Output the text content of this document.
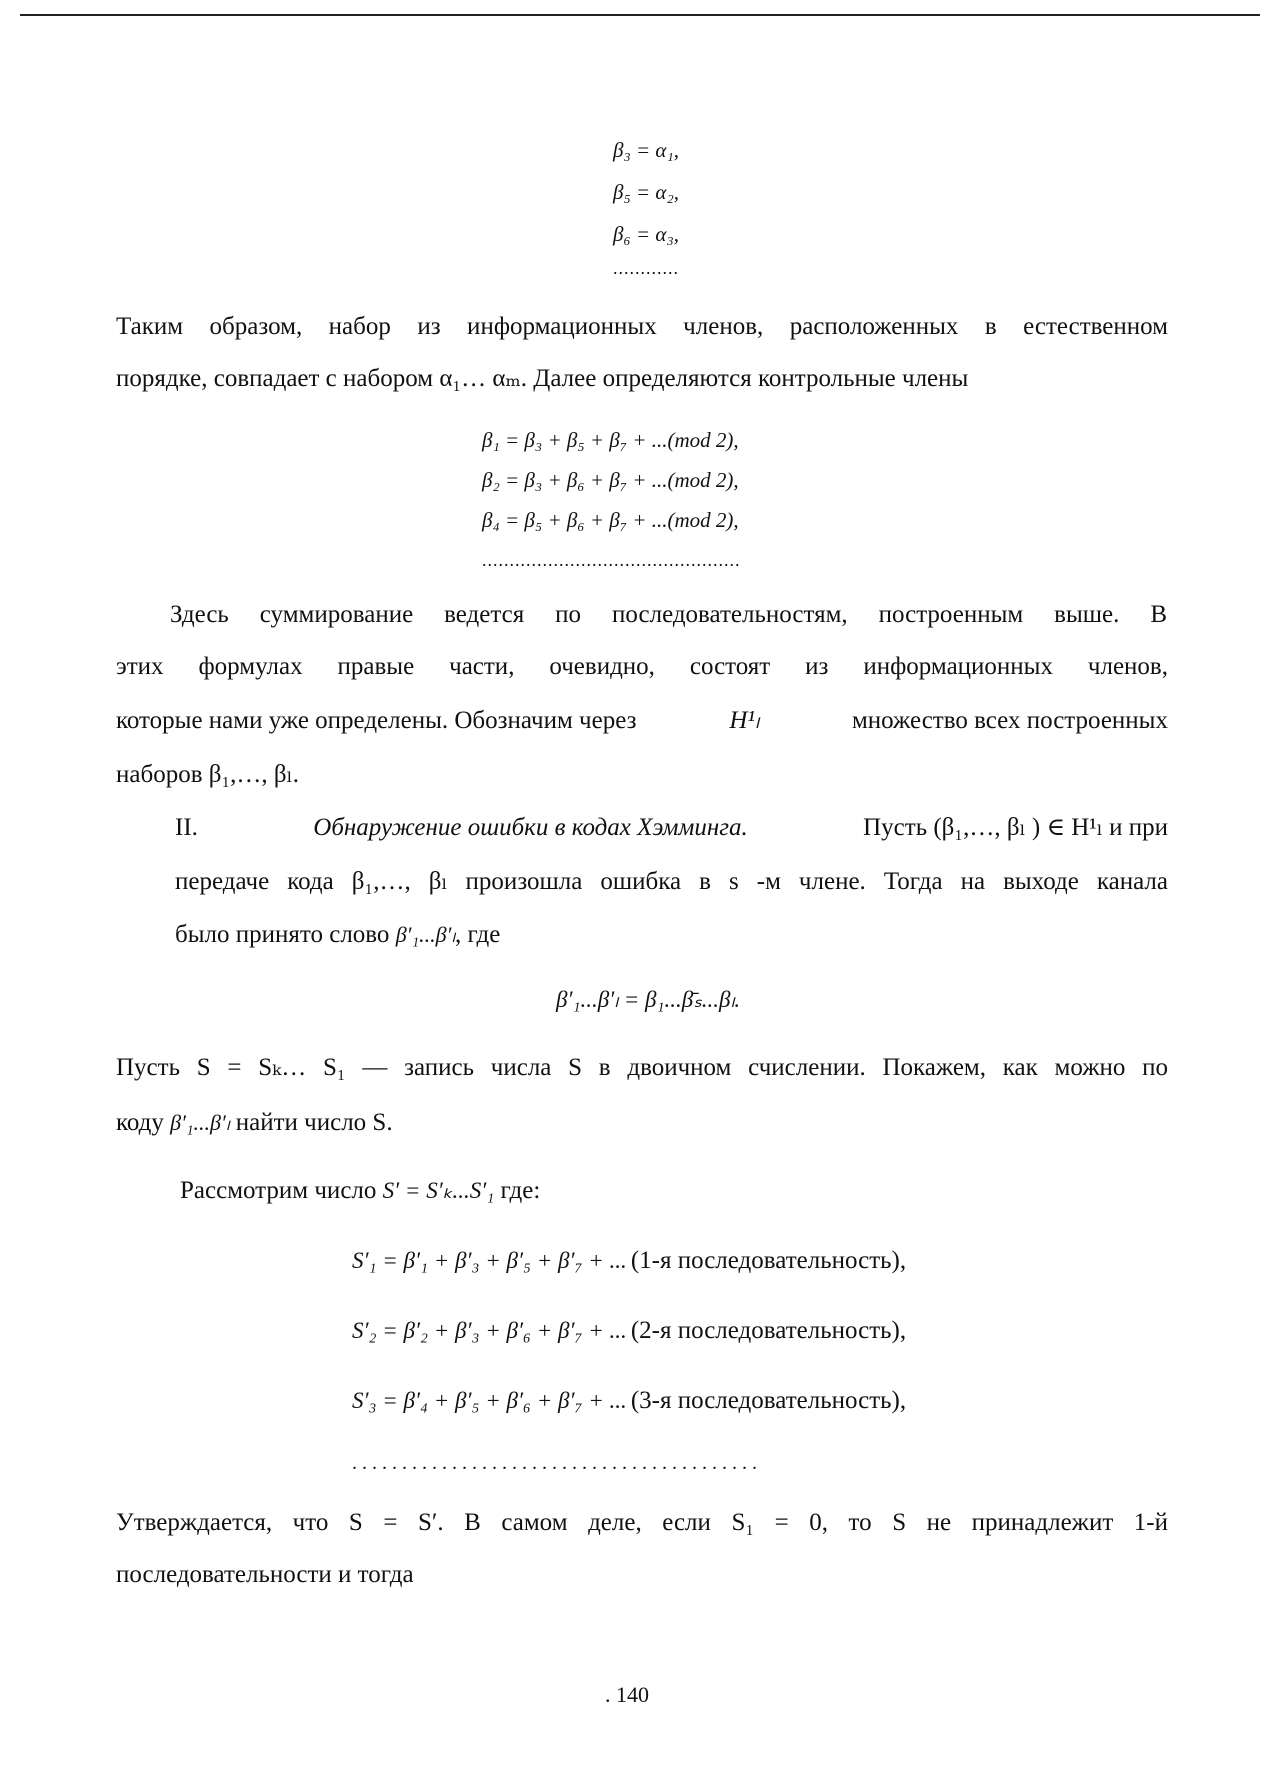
β₃ = α₁,
β₅ = α₂,
β₆ = α₃,
............
Таким образом, набор из информационных членов, расположенных в естественном
порядке, совпадает с набором α₁… αₘ. Далее определяются контрольные члены
β₁ = β₃ + β₅ + β₇ + ...(mod 2),
β₂ = β₃ + β₆ + β₇ + ...(mod 2),
β₄ = β₅ + β₆ + β₇ + ...(mod 2),
...............................................
Здесь суммирование ведется по последовательностям, построенным выше. В
этих формулах правые части, очевидно, состоят из информационных членов,
которые нами уже определены. Обозначим через	H¹ₗ	множество всех построенных
наборов β₁,…, βₗ.
II.	Обнаружение ошибки в кодах Хэмминга.	Пусть (β₁,…, βₗ ) ∈ H¹ₗ и при
передаче кода β₁,…, βₗ произошла ошибка в s -м члене. Тогда на выходе канала
было принято слово β′₁...β′ₗ, где
β′₁...β′ₗ = β₁...β̄ₛ...βₗ.
Пусть S = Sₖ… S₁ — запись числа S в двоичном счислении. Покажем, как можно по
коду β′₁...β′ₗ найти число S.
Рассмотрим число S′ = S′ₖ...S′₁ где:
S′₁ = β′₁ + β′₃ + β′₅ + β′₇ + ... (1-я последовательность),
S′₂ = β′₂ + β′₃ + β′₆ + β′₇ + ... (2-я последовательность),
S′₃ = β′₄ + β′₅ + β′₆ + β′₇ + ... (3-я последовательность),
.........................................
Утверждается, что S = S′. В самом деле, если S₁ = 0, то S не принадлежит 1-й
последовательности и тогда
. 140
